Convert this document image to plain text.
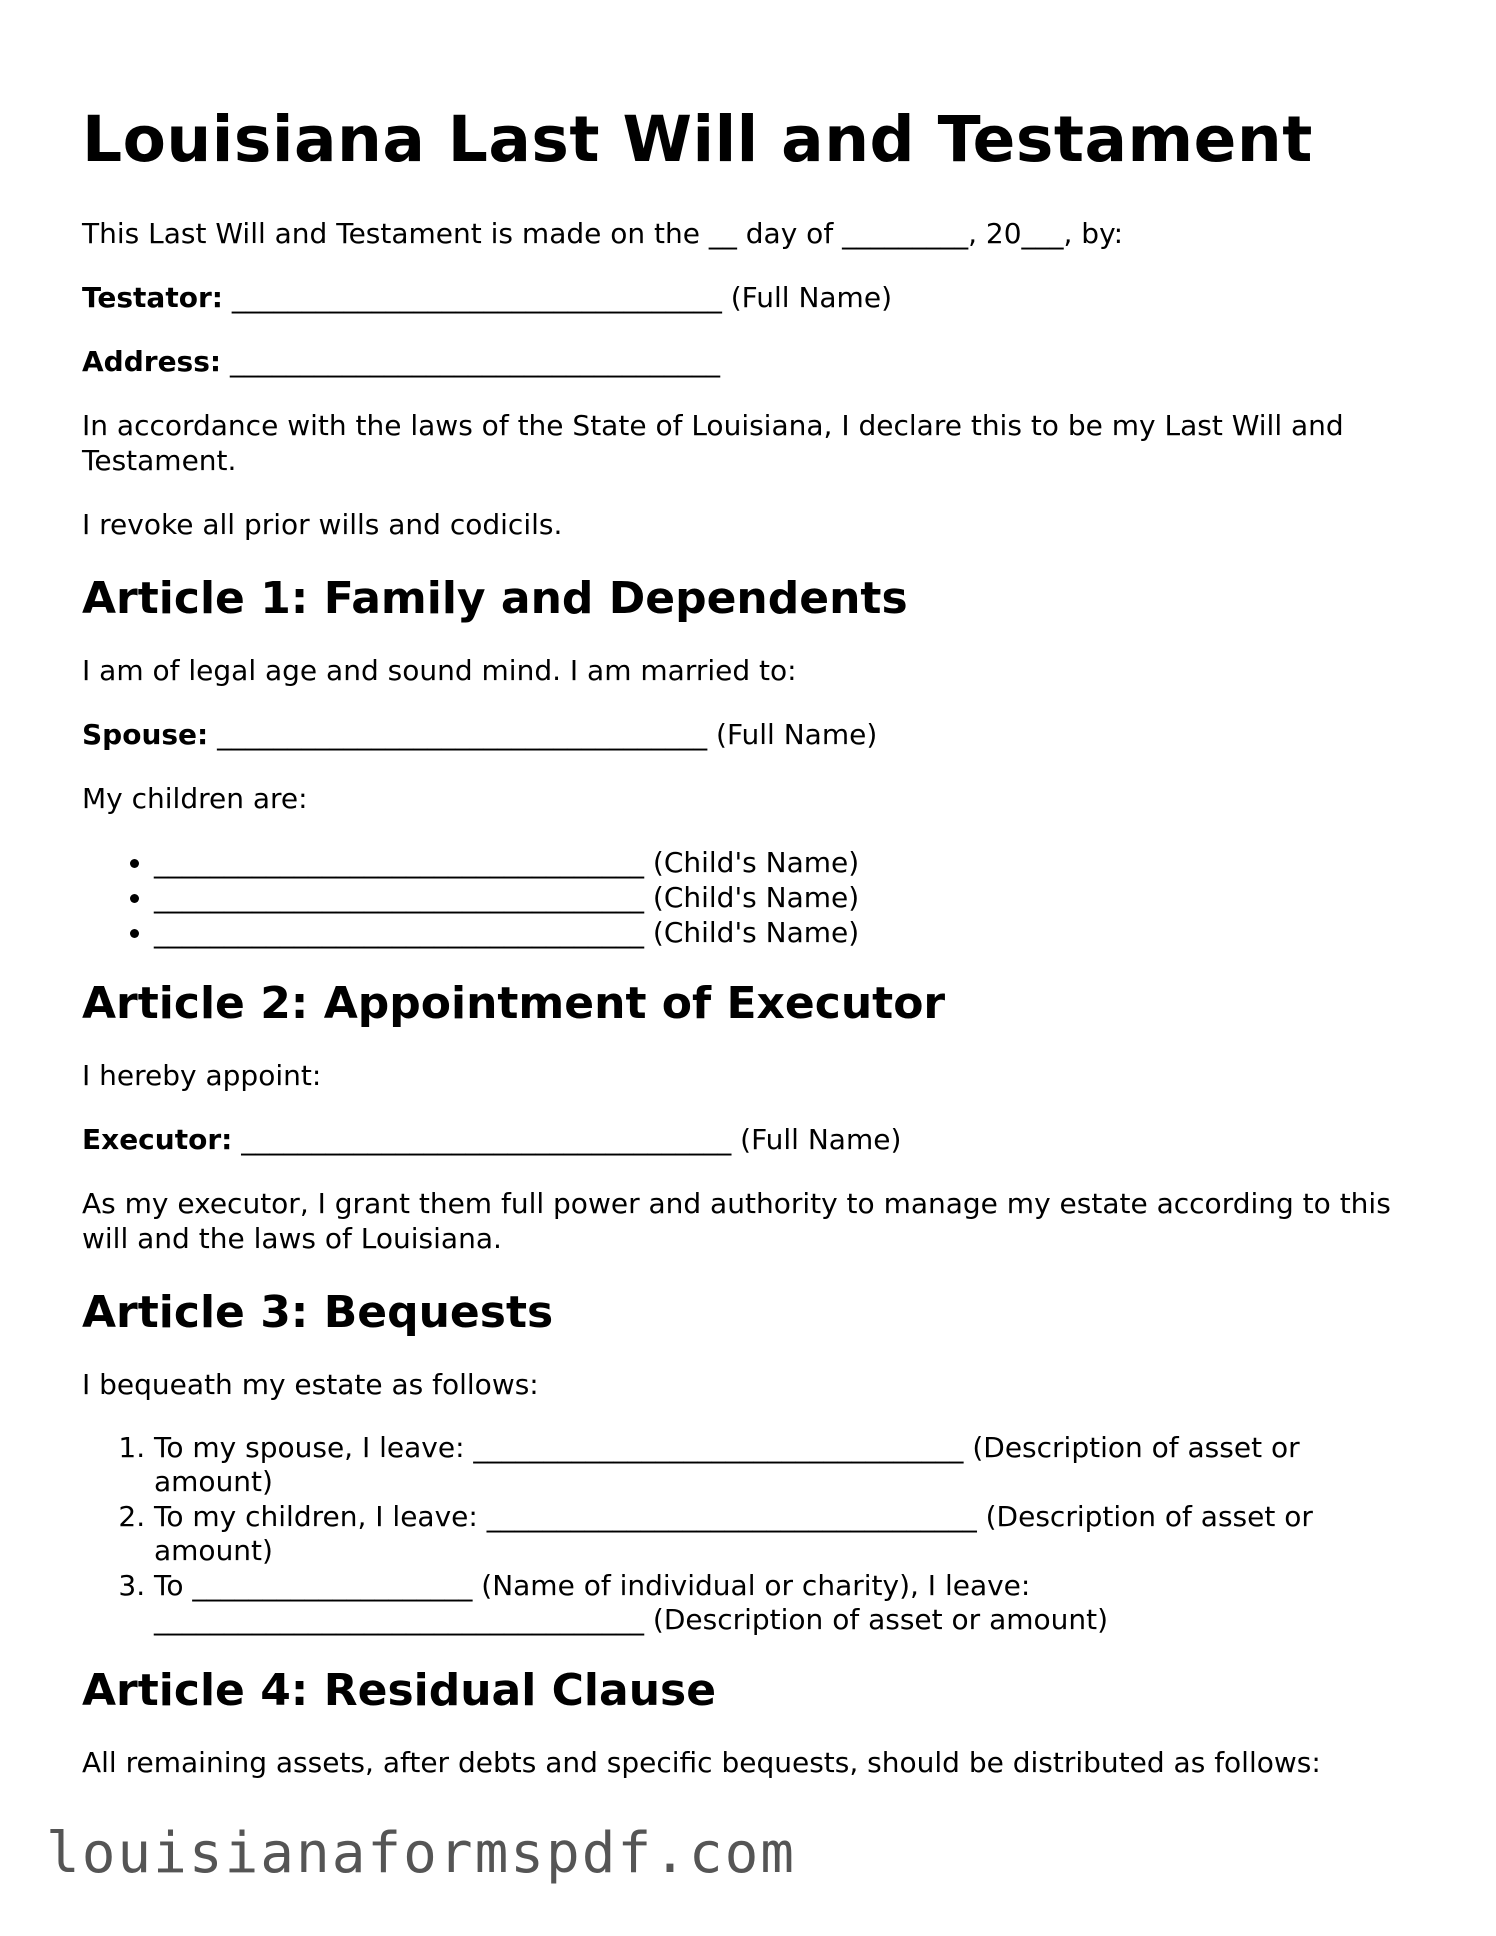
Louisiana Last Will and Testament

This Last Will and Testament is made on the __ day of _________, 20___, by:

Testator: ___________________________________ (Full Name)

Address: ___________________________________

In accordance with the laws of the State of Louisiana, I declare this to be my Last Will and Testament.

I revoke all prior wills and codicils.

Article 1: Family and Dependents

I am of legal age and sound mind. I am married to:

Spouse: ___________________________________ (Full Name)

My children are:

• ___________________________________ (Child's Name)
• ___________________________________ (Child's Name)
• ___________________________________ (Child's Name)
Article 2: Appointment of Executor

I hereby appoint:

Executor: ___________________________________ (Full Name)

As my executor, I grant them full power and authority to manage my estate according to this will and the laws of Louisiana.

Article 3: Bequests

I bequeath my estate as follows:

1. To my spouse, I leave: ___________________________________ (Description of asset or amount)
2. To my children, I leave: ___________________________________ (Description of asset or amount)
3. To ____________________ (Name of individual or charity), I leave: ___________________________________ (Description of asset or amount)
Article 4: Residual Clause

All remaining assets, after debts and specific bequests, should be distributed as follows:

louisianaformspdf.com
